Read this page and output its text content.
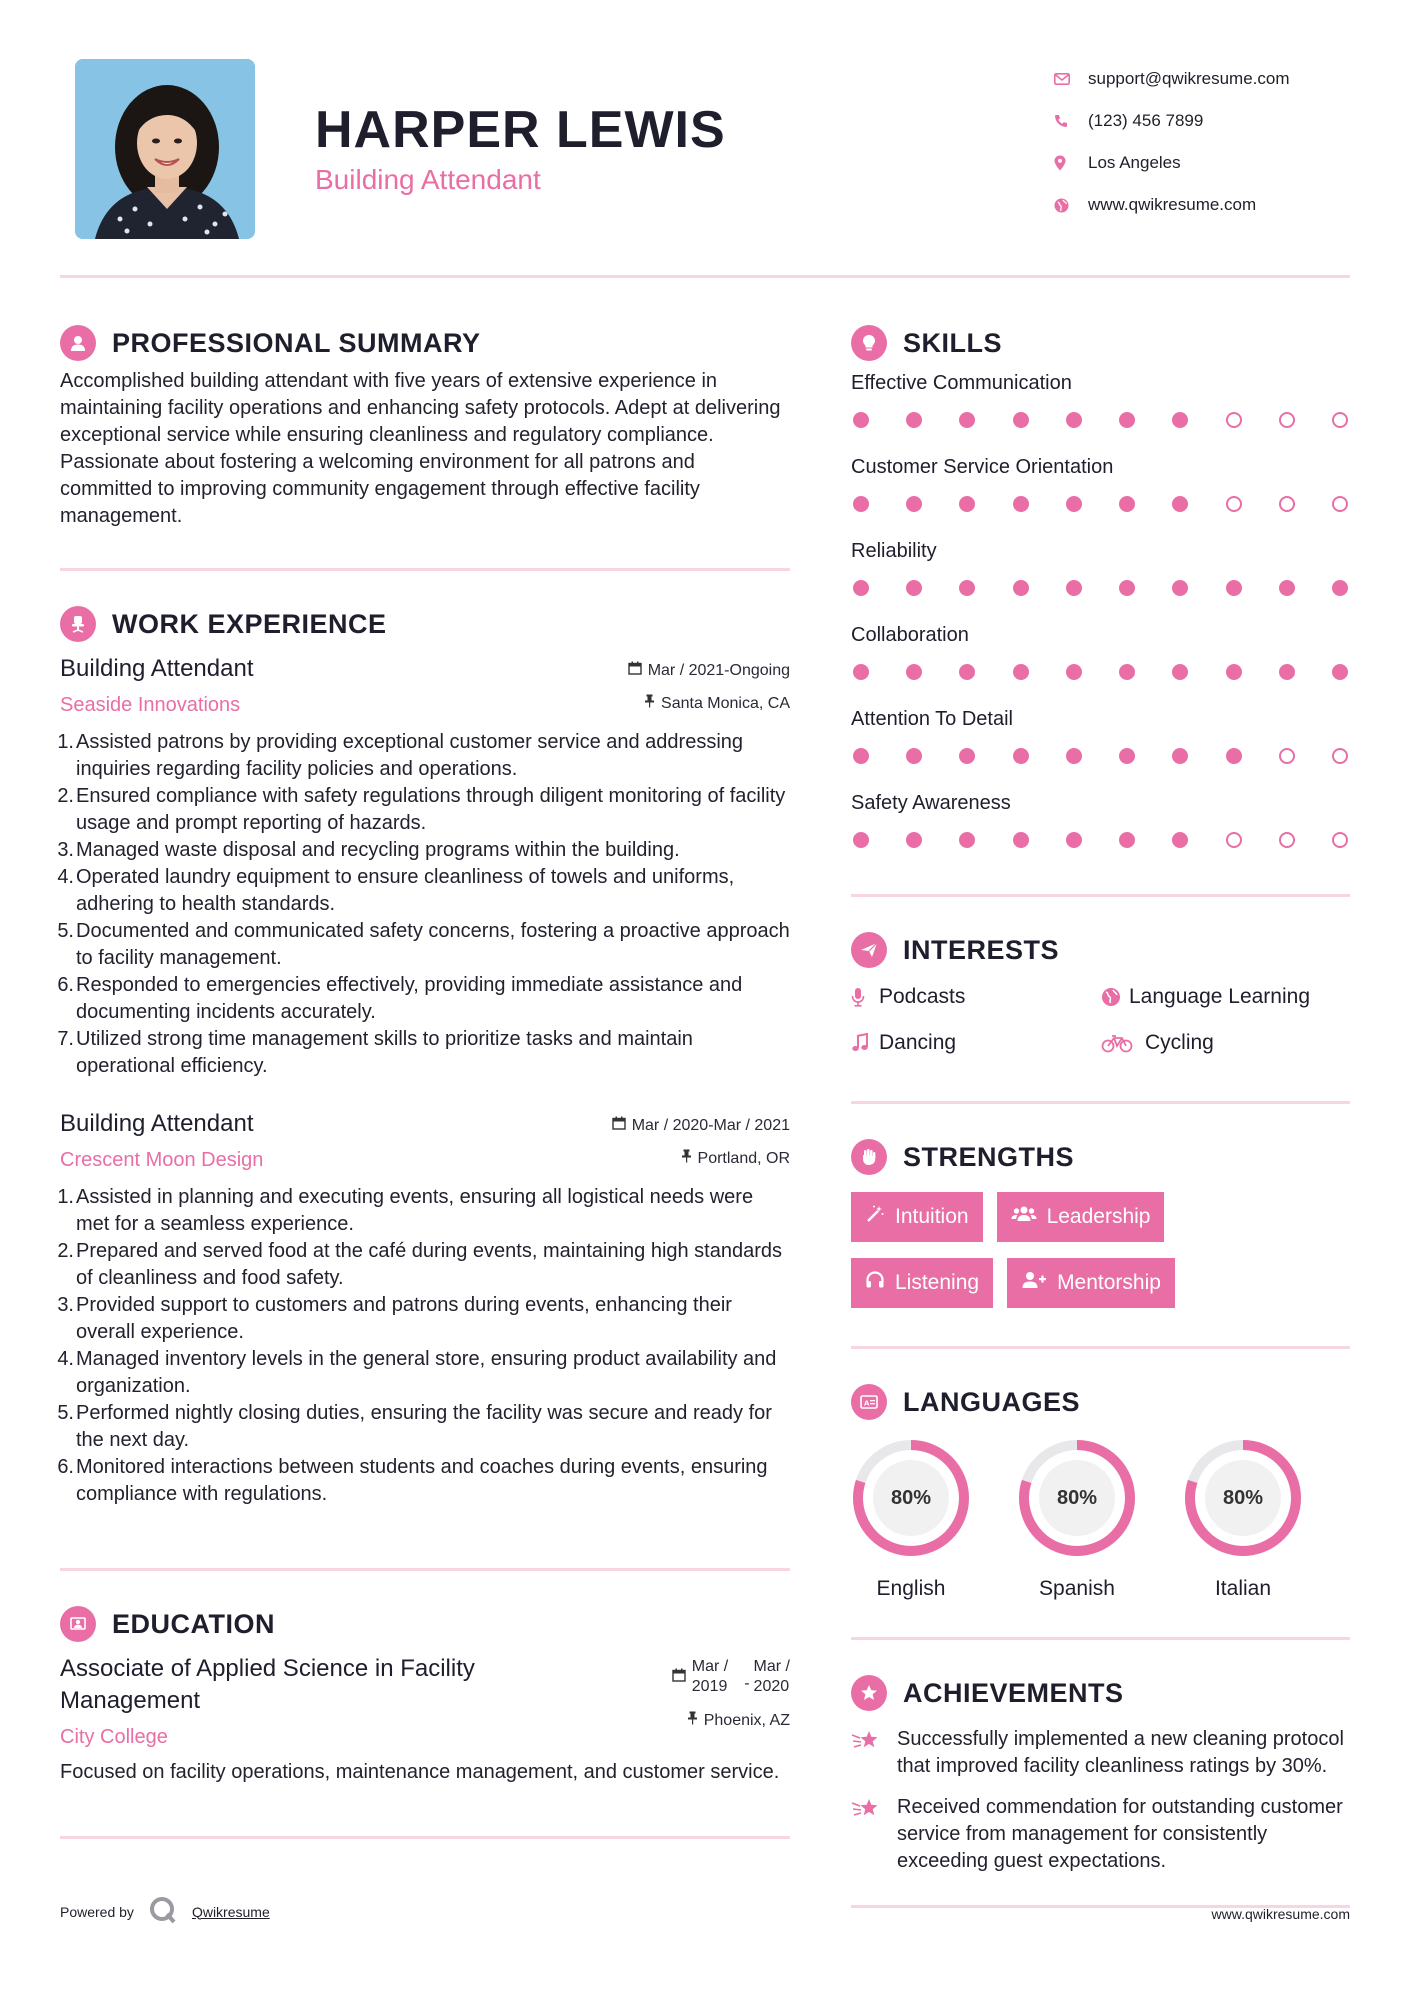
HARPER LEWIS
Building Attendant
support@qwikresume.com
(123) 456 7899
Los Angeles
www.qwikresume.com
PROFESSIONAL SUMMARY

Accomplished building attendant with five years of extensive experience in maintaining facility operations and enhancing safety protocols. Adept at delivering exceptional service while ensuring cleanliness and regulatory compliance. Passionate about fostering a welcoming environment for all patrons and committed to improving community engagement through effective facility management.

WORK EXPERIENCE
Building Attendant
Seaside Innovations
Mar / 2021-Ongoing
Santa Monica, CA
1. Assisted patrons by providing exceptional customer service and addressing inquiries regarding facility policies and operations.
2. Ensured compliance with safety regulations through diligent monitoring of facility usage and prompt reporting of hazards.
3. Managed waste disposal and recycling programs within the building.
4. Operated laundry equipment to ensure cleanliness of towels and uniforms, adhering to health standards.
5. Documented and communicated safety concerns, fostering a proactive approach to facility management.
6. Responded to emergencies effectively, providing immediate assistance and documenting incidents accurately.
7. Utilized strong time management skills to prioritize tasks and maintain operational efficiency.
Building Attendant
Crescent Moon Design
Mar / 2020-Mar / 2021
Portland, OR
1. Assisted in planning and executing events, ensuring all logistical needs were met for a seamless experience.
2. Prepared and served food at the café during events, maintaining high standards of cleanliness and food safety.
3. Provided support to customers and patrons during events, enhancing their overall experience.
4. Managed inventory levels in the general store, ensuring product availability and organization.
5. Performed nightly closing duties, ensuring the facility was secure and ready for the next day.
6. Monitored interactions between students and coaches during events, ensuring compliance with regulations.
EDUCATION
Associate of Applied Science in Facility Management
City College
Mar /
2019 -
Mar /
2020
Phoenix, AZ

Focused on facility operations, maintenance management, and customer service.

SKILLS
Effective Communication
Customer Service Orientation
Reliability
Collaboration
Attention To Detail
Safety Awareness
INTERESTS
Podcasts	Language Learning
Dancing	Cycling
STRENGTHS
Intuition	Leadership
Listening	Mentorship
A LANGUAGES
80%
English
80%
Spanish
80%
Italian
ACHIEVEMENTS
Successfully implemented a new cleaning protocol that improved facility cleanliness ratings by 30%.
Received commendation for outstanding customer service from management for consistently exceeding guest expectations.
Powered by	Qwikresume	www.qwikresume.com
